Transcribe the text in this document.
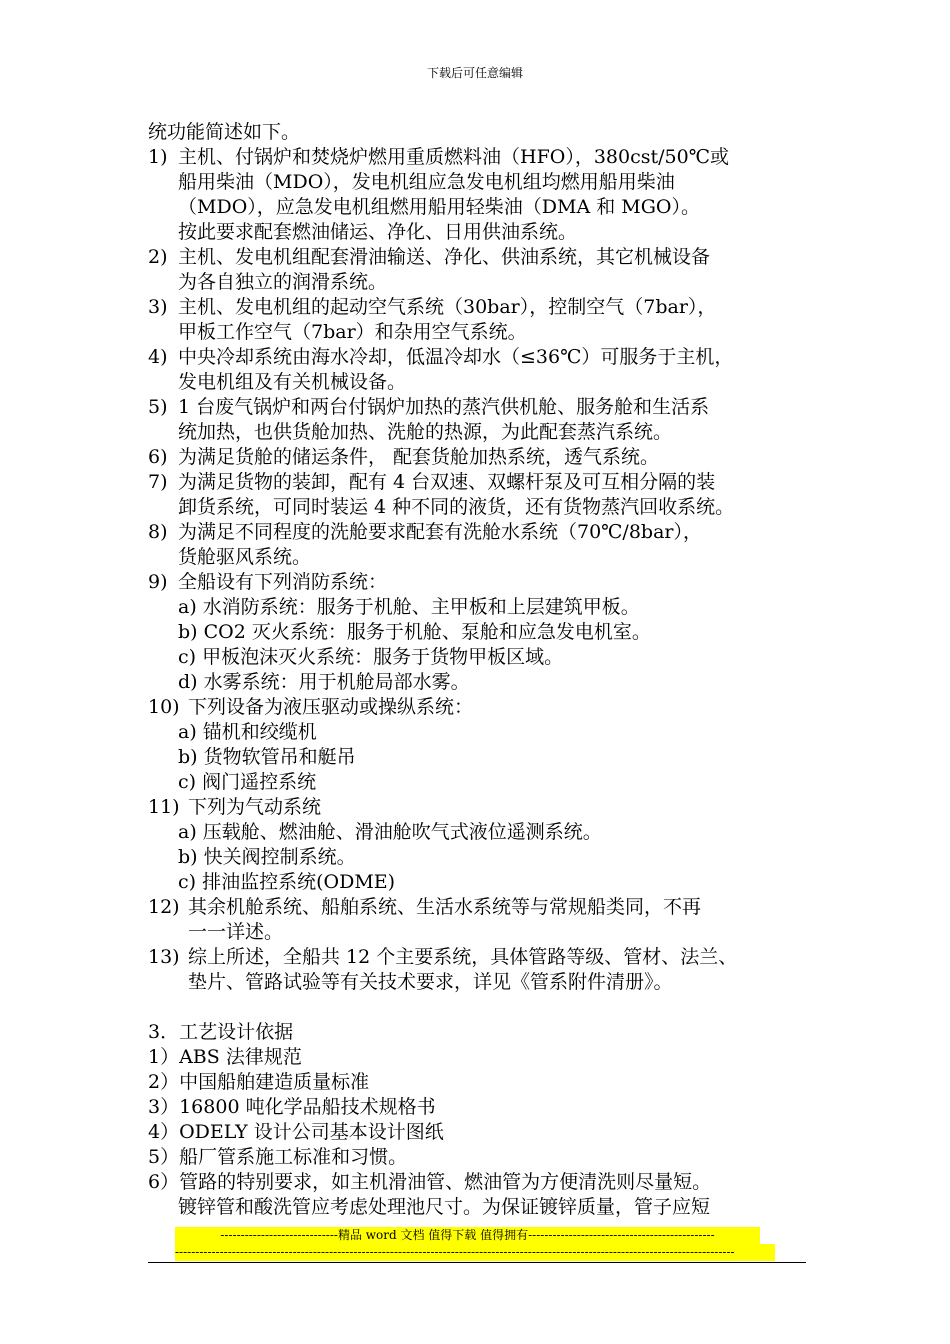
下载后可任意编辑
统功能简述如下。
1) 主机、付锅炉和焚烧炉燃用重质燃料油（HFO），380cst/50℃或
船用柴油（MDO），发电机组应急发电机组均燃用船用柴油
（MDO），应急发电机组燃用船用轻柴油（DMA 和 MGO）。
按此要求配套燃油储运、净化、日用供油系统。
2) 主机、发电机组配套滑油输送、净化、供油系统，其它机械设备
为各自独立的润滑系统。
3) 主机、发电机组的起动空气系统（30bar），控制空气（7bar），
甲板工作空气（7bar）和杂用空气系统。
4) 中央冷却系统由海水冷却，低温冷却水（≤36℃）可服务于主机，
发电机组及有关机械设备。
5) 1 台废气锅炉和两台付锅炉加热的蒸汽供机舱、服务舱和生活系
统加热，也供货舱加热、洗舱的热源，为此配套蒸汽系统。
6) 为满足货舱的储运条件， 配套货舱加热系统，透气系统。
7) 为满足货物的装卸，配有 4 台双速、双螺杆泵及可互相分隔的装
卸货系统，可同时装运 4 种不同的液货，还有货物蒸汽回收系统。
8) 为满足不同程度的洗舱要求配套有洗舱水系统（70℃/8bar），
货舱驱风系统。
9) 全船设有下列消防系统：
a) 水消防系统：服务于机舱、主甲板和上层建筑甲板。
b) CO2 灭火系统：服务于机舱、泵舱和应急发电机室。
c) 甲板泡沫灭火系统：服务于货物甲板区域。
d) 水雾系统：用于机舱局部水雾。
10) 下列设备为液压驱动或操纵系统：
a) 锚机和绞缆机
b) 货物软管吊和艇吊
c) 阀门遥控系统
11) 下列为气动系统
a) 压载舱、燃油舱、滑油舱吹气式液位遥测系统。
b) 快关阀控制系统。
c) 排油监控系统(ODME)
12) 其余机舱系统、船舶系统、生活水系统等与常规船类同，不再
一一详述。
13) 综上所述，全船共 12 个主要系统，具体管路等级、管材、法兰、
垫片、管路试验等有关技术要求，详见《管系附件清册》。
3．工艺设计依据
1）ABS 法律规范
2）中国船舶建造质量标准
3）16800 吨化学品船技术规格书
4）ODELY 设计公司基本设计图纸
5）船厂管系施工标准和习惯。
6）管路的特别要求，如主机滑油管、燃油管为方便清洗则尽量短。
镀锌管和酸洗管应考虑处理池尺寸。为保证镀锌质量，管子应短
-----------------------------精品 word 文档 值得下载 值得拥有----------------------------------------------
------------------------------------------------------------------------------------------------------------------------------------------
